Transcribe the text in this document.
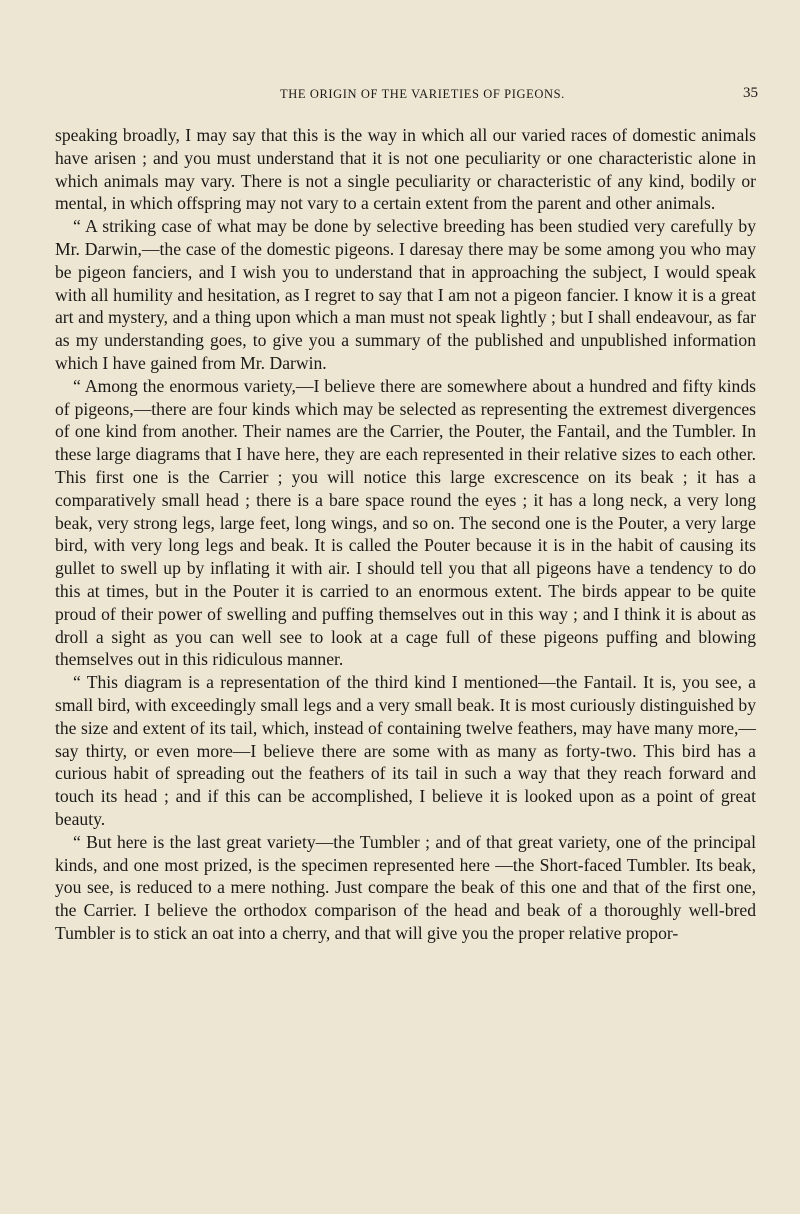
THE ORIGIN OF THE VARIETIES OF PIGEONS.	35

speaking broadly, I may say that this is the way in which all our varied races of domestic animals have arisen ; and you must understand that it is not one peculiarity or one characteristic alone in which animals may vary. There is not a single peculiarity or characteristic of any kind, bodily or mental, in which offspring may not vary to a certain extent from the parent and other animals.

“ A striking case of what may be done by selective breeding has been studied very carefully by Mr. Darwin,—the case of the domestic pigeons. I daresay there may be some among you who may be pigeon fanciers, and I wish you to understand that in approaching the subject, I would speak with all humility and hesitation, as I regret to say that I am not a pigeon fancier. I know it is a great art and mystery, and a thing upon which a man must not speak lightly ; but I shall endeavour, as far as my understanding goes, to give you a summary of the published and unpublished information which I have gained from Mr. Darwin.

“ Among the enormous variety,—I believe there are somewhere about a hundred and fifty kinds of pigeons,—there are four kinds which may be selected as representing the extremest divergences of one kind from another. Their names are the Carrier, the Pouter, the Fantail, and the Tumbler. In these large diagrams that I have here, they are each represented in their relative sizes to each other. This first one is the Carrier ; you will notice this large excrescence on its beak ; it has a comparatively small head ; there is a bare space round the eyes ; it has a long neck, a very long beak, very strong legs, large feet, long wings, and so on. The second one is the Pouter, a very large bird, with very long legs and beak. It is called the Pouter because it is in the habit of causing its gullet to swell up by inflating it with air. I should tell you that all pigeons have a tendency to do this at times, but in the Pouter it is carried to an enormous extent. The birds appear to be quite proud of their power of swelling and puffing themselves out in this way ; and I think it is about as droll a sight as you can well see to look at a cage full of these pigeons puffing and blowing themselves out in this ridiculous manner.

“ This diagram is a representation of the third kind I mentioned—the Fantail. It is, you see, a small bird, with exceedingly small legs and a very small beak. It is most curiously distinguished by the size and extent of its tail, which, instead of containing twelve feathers, may have many more,—say thirty, or even more—I believe there are some with as many as forty-two. This bird has a curious habit of spreading out the feathers of its tail in such a way that they reach forward and touch its head ; and if this can be accomplished, I believe it is looked upon as a point of great beauty.

“ But here is the last great variety—the Tumbler ; and of that great variety, one of the principal kinds, and one most prized, is the specimen represented here —the Short-faced Tumbler. Its beak, you see, is reduced to a mere nothing. Just compare the beak of this one and that of the first one, the Carrier. I believe the orthodox comparison of the head and beak of a thoroughly well-bred Tumbler is to stick an oat into a cherry, and that will give you the proper relative propor-
